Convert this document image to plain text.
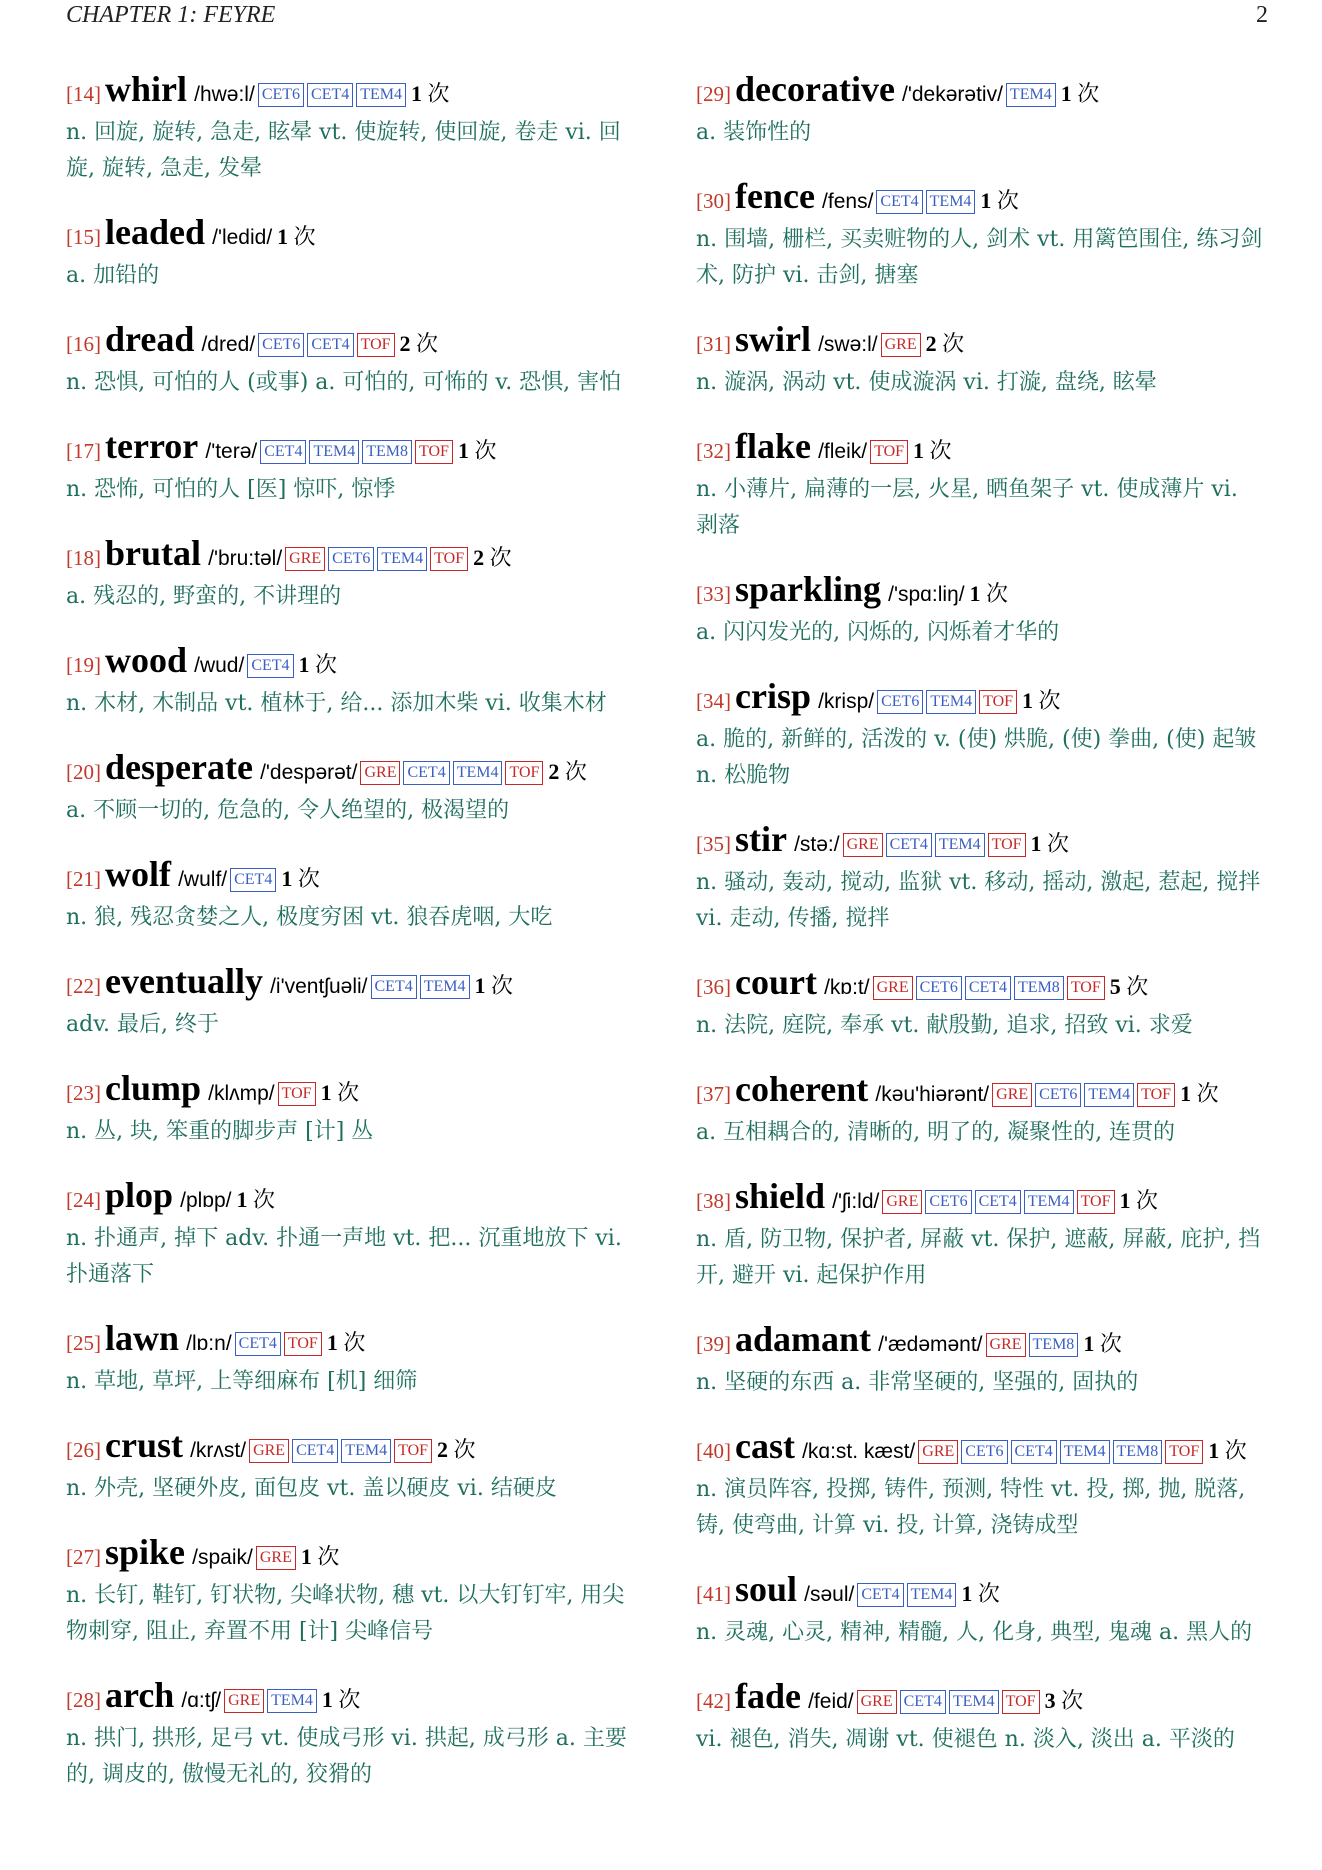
CHAPTER 1: FEYRE	2
[14] whirl /hwə:l/ CET6 CET4 TEM4 1 次
n. 回旋, 旋转, 急走, 眩晕 vt. 使旋转, 使回旋, 卷走 vi. 回旋, 旋转, 急走, 发晕
[15] leaded /'ledid/ 1 次
a. 加铅的
[16] dread /dred/ CET6 CET4 TOF 2 次
n. 恐惧, 可怕的人 (或事) a. 可怕的, 可怖的 v. 恐惧, 害怕
[17] terror /'terə/ CET4 TEM4 TEM8 TOF 1 次
n. 恐怖, 可怕的人 [医] 惊吓, 惊悸
[18] brutal /'bru:təl/ GRE CET6 TEM4 TOF 2 次
a. 残忍的, 野蛮的, 不讲理的
[19] wood /wud/ CET4 1 次
n. 木材, 木制品 vt. 植林于, 给... 添加木柴 vi. 收集木材
[20] desperate /'despərət/ GRE CET4 TEM4 TOF 2 次
a. 不顾一切的, 危急的, 令人绝望的, 极渴望的
[21] wolf /wulf/ CET4 1 次
n. 狼, 残忍贪婪之人, 极度穷困 vt. 狼吞虎咽, 大吃
[22] eventually /i'ventʃuəli/ CET4 TEM4 1 次
adv. 最后, 终于
[23] clump /klʌmp/ TOF 1 次
n. 丛, 块, 笨重的脚步声 [计] 丛
[24] plop /plɒp/ 1 次
n. 扑通声, 掉下 adv. 扑通一声地 vt. 把... 沉重地放下 vi. 扑通落下
[25] lawn /lɒ:n/ CET4 TOF 1 次
n. 草地, 草坪, 上等细麻布 [机] 细筛
[26] crust /krʌst/ GRE CET4 TEM4 TOF 2 次
n. 外壳, 坚硬外皮, 面包皮 vt. 盖以硬皮 vi. 结硬皮
[27] spike /spaik/ GRE 1 次
n. 长钉, 鞋钉, 钉状物, 尖峰状物, 穗 vt. 以大钉钉牢, 用尖物刺穿, 阻止, 弃置不用 [计] 尖峰信号
[28] arch /ɑ:tʃ/ GRE TEM4 1 次
n. 拱门, 拱形, 足弓 vt. 使成弓形 vi. 拱起, 成弓形 a. 主要的, 调皮的, 傲慢无礼的, 狡猾的
[29] decorative /'dekərətiv/ TEM4 1 次
a. 装饰性的
[30] fence /fens/ CET4 TEM4 1 次
n. 围墙, 栅栏, 买卖赃物的人, 剑术 vt. 用篱笆围住, 练习剑术, 防护 vi. 击剑, 搪塞
[31] swirl /swə:l/ GRE 2 次
n. 漩涡, 涡动 vt. 使成漩涡 vi. 打漩, 盘绕, 眩晕
[32] flake /fleik/ TOF 1 次
n. 小薄片, 扁薄的一层, 火星, 晒鱼架子 vt. 使成薄片 vi. 剥落
[33] sparkling /'spɑ:liŋ/ 1 次
a. 闪闪发光的, 闪烁的, 闪烁着才华的
[34] crisp /krisp/ CET6 TEM4 TOF 1 次
a. 脆的, 新鲜的, 活泼的 v. (使) 烘脆, (使) 拳曲, (使) 起皱 n. 松脆物
[35] stir /stə:/ GRE CET4 TEM4 TOF 1 次
n. 骚动, 轰动, 搅动, 监狱 vt. 移动, 摇动, 激起, 惹起, 搅拌 vi. 走动, 传播, 搅拌
[36] court /kɒ:t/ GRE CET6 CET4 TEM8 TOF 5 次
n. 法院, 庭院, 奉承 vt. 献殷勤, 追求, 招致 vi. 求爱
[37] coherent /kəu'hiərənt/ GRE CET6 TEM4 TOF 1 次
a. 互相耦合的, 清晰的, 明了的, 凝聚性的, 连贯的
[38] shield /'ʃi:ld/ GRE CET6 CET4 TEM4 TOF 1 次
n. 盾, 防卫物, 保护者, 屏蔽 vt. 保护, 遮蔽, 屏蔽, 庇护, 挡开, 避开 vi. 起保护作用
[39] adamant /'ædəmənt/ GRE TEM8 1 次
n. 坚硬的东西 a. 非常坚硬的, 坚强的, 固执的
[40] cast /kɑ:st. kæst/ GRE CET6 CET4 TEM4 TEM8 TOF 1 次
n. 演员阵容, 投掷, 铸件, 预测, 特性 vt. 投, 掷, 抛, 脱落, 铸, 使弯曲, 计算 vi. 投, 计算, 浇铸成型
[41] soul /səul/ CET4 TEM4 1 次
n. 灵魂, 心灵, 精神, 精髓, 人, 化身, 典型, 鬼魂 a. 黑人的
[42] fade /feid/ GRE CET4 TEM4 TOF 3 次
vi. 褪色, 消失, 凋谢 vt. 使褪色 n. 淡入, 淡出 a. 平淡的
